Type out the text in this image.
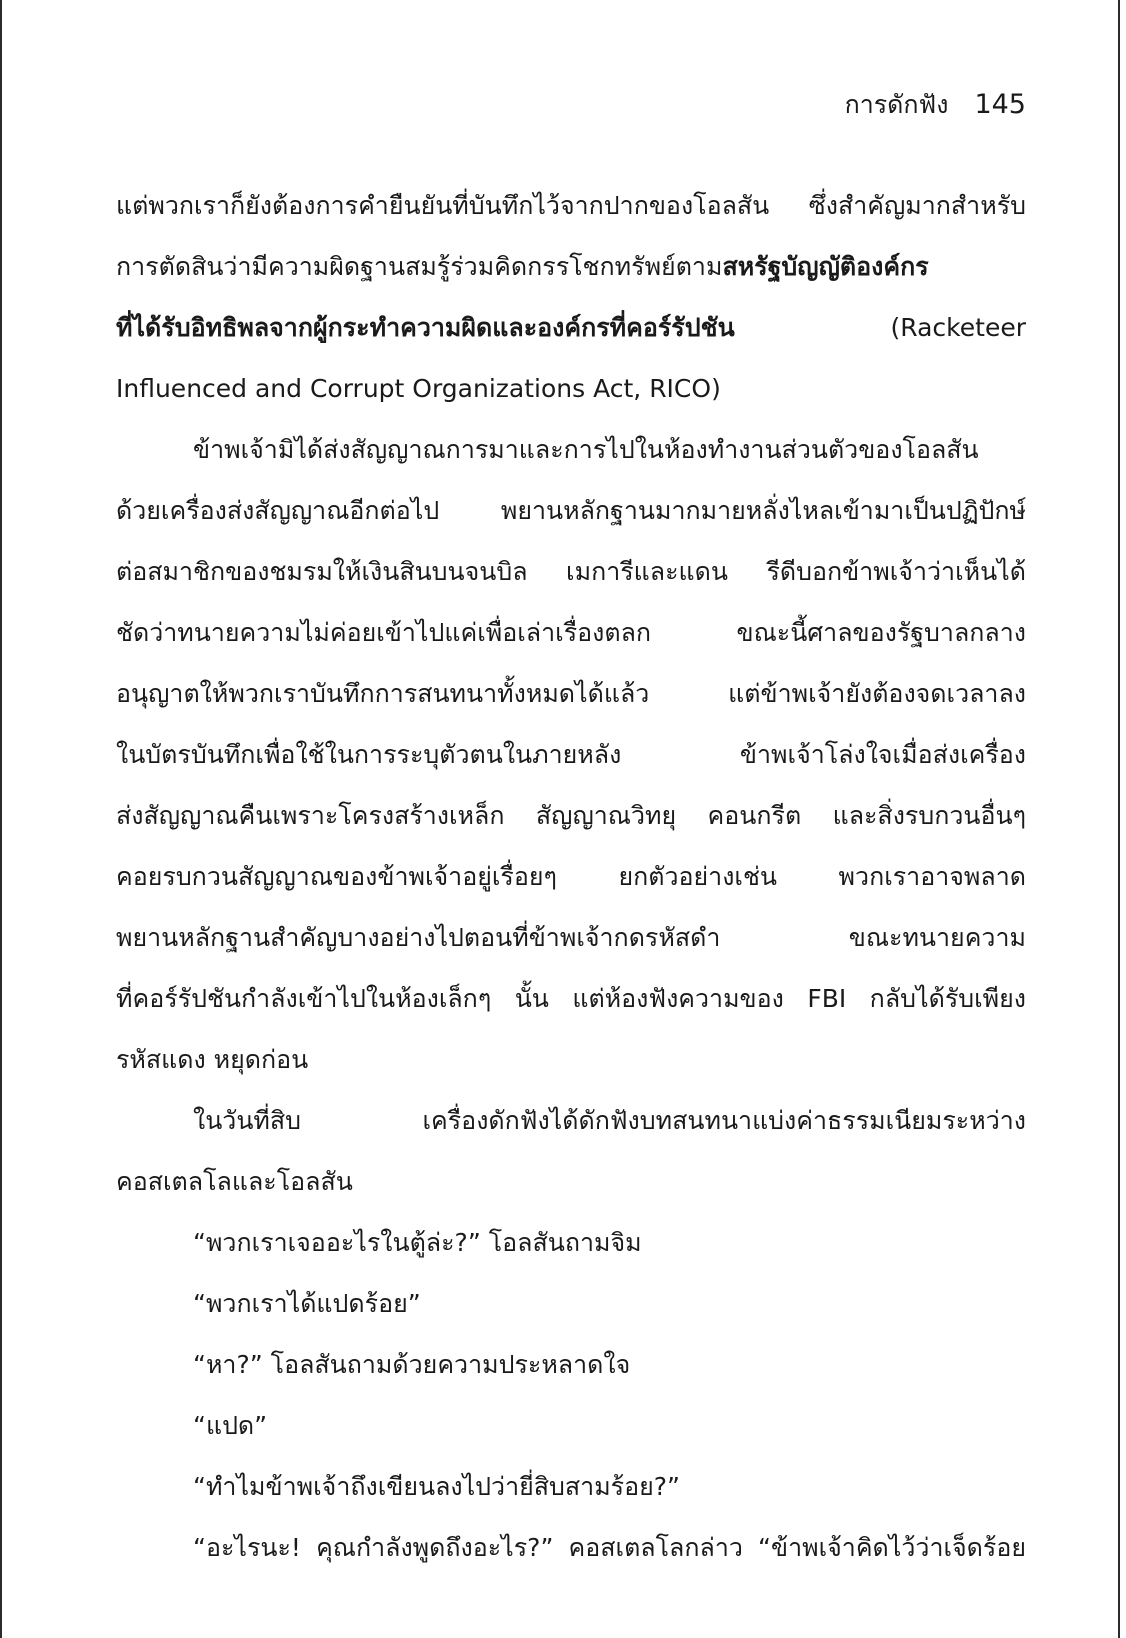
การดักฟัง 145
แต่พวกเราก็ยังต้องการคำยืนยันที่บันทึกไว้จากปากของโอลสัน ซึ่งสำคัญมากสำหรับ
การตัดสินว่ามีความผิดฐานสมรู้ร่วมคิดกรรโชกทรัพย์ตามสหรัฐบัญญัติองค์กร
ที่ได้รับอิทธิพลจากผู้กระทำความผิดและองค์กรที่คอร์รัปชัน (Racketeer
Influenced and Corrupt Organizations Act, RICO)
ข้าพเจ้ามิได้ส่งสัญญาณการมาและการไปในห้องทำงานส่วนตัวของโอลสัน
ด้วยเครื่องส่งสัญญาณอีกต่อไป พยานหลักฐานมากมายหลั่งไหลเข้ามาเป็นปฏิปักษ์
ต่อสมาชิกของชมรมให้เงินสินบนจนบิล เมการีและแดน รีดีบอกข้าพเจ้าว่าเห็นได้
ชัดว่าทนายความไม่ค่อยเข้าไปแค่เพื่อเล่าเรื่องตลก ขณะนี้ศาลของรัฐบาลกลาง
อนุญาตให้พวกเราบันทึกการสนทนาทั้งหมดได้แล้ว แต่ข้าพเจ้ายังต้องจดเวลาลง
ในบัตรบันทึกเพื่อใช้ในการระบุตัวตนในภายหลัง ข้าพเจ้าโล่งใจเมื่อส่งเครื่อง
ส่งสัญญาณคืนเพราะโครงสร้างเหล็ก สัญญาณวิทยุ คอนกรีต และสิ่งรบกวนอื่นๆ
คอยรบกวนสัญญาณของข้าพเจ้าอยู่เรื่อยๆ ยกตัวอย่างเช่น พวกเราอาจพลาด
พยานหลักฐานสำคัญบางอย่างไปตอนที่ข้าพเจ้ากดรหัสดำ ขณะทนายความ
ที่คอร์รัปชันกำลังเข้าไปในห้องเล็กๆ นั้น แต่ห้องฟังความของ FBI กลับได้รับเพียง
รหัสแดง หยุดก่อน
ในวันที่สิบ เครื่องดักฟังได้ดักฟังบทสนทนาแบ่งค่าธรรมเนียมระหว่าง
คอสเตลโลและโอลสัน
“พวกเราเจออะไรในตู้ล่ะ?” โอลสันถามจิม
“พวกเราได้แปดร้อย”
“หา?” โอลสันถามด้วยความประหลาดใจ
“แปด”
“ทำไมข้าพเจ้าถึงเขียนลงไปว่ายี่สิบสามร้อย?”
“อะไรนะ! คุณกำลังพูดถึงอะไร?” คอสเตลโลกล่าว “ข้าพเจ้าคิดไว้ว่าเจ็ดร้อย
